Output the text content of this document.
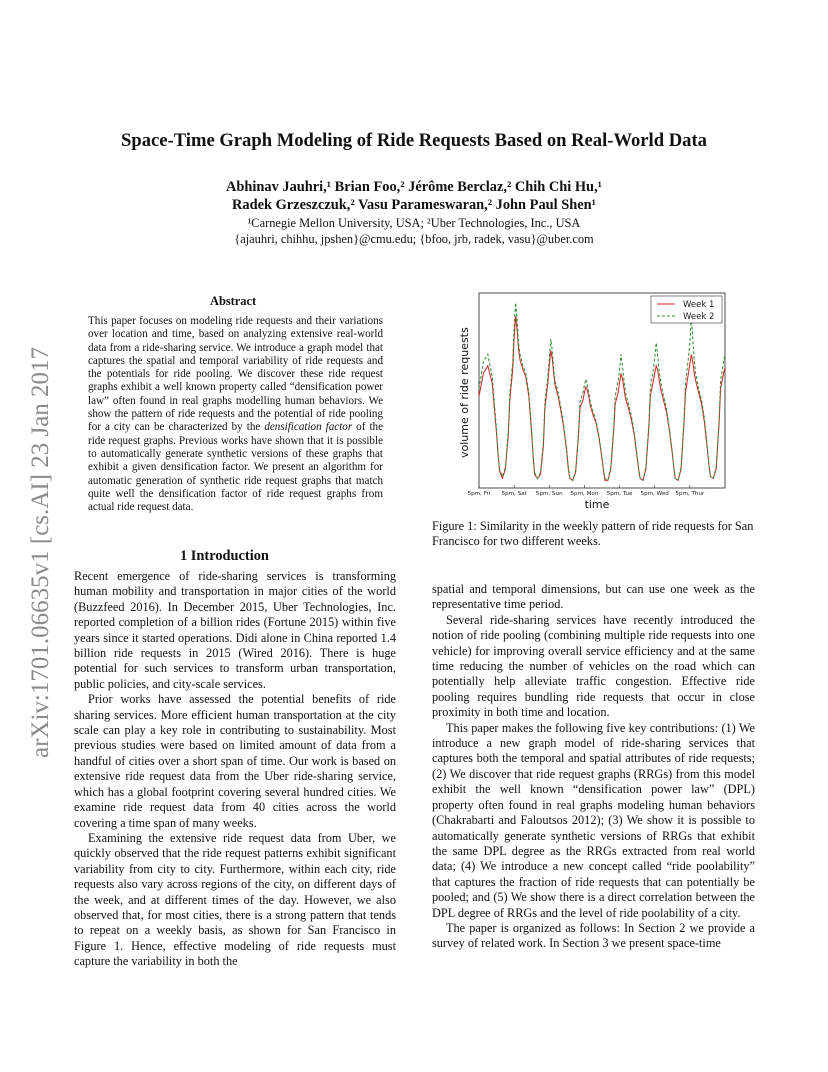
arXiv:1701.06635v1 [cs.AI] 23 Jan 2017
Space-Time Graph Modeling of Ride Requests Based on Real-World Data
Abhinav Jauhri,¹ Brian Foo,² Jérôme Berclaz,² Chih Chi Hu,¹
Radek Grzeszczuk,² Vasu Parameswaran,² John Paul Shen¹
¹Carnegie Mellon University, USA; ²Uber Technologies, Inc., USA
{ajauhri, chihhu, jpshen}@cmu.edu; {bfoo, jrb, radek, vasu}@uber.com
Abstract

This paper focuses on modeling ride requests and their variations over location and time, based on analyzing extensive real-world data from a ride-sharing service. We introduce a graph model that captures the spatial and temporal variability of ride requests and the potentials for ride pooling. We discover these ride request graphs exhibit a well known property called “densification power law” often found in real graphs modelling human behaviors. We show the pattern of ride requests and the potential of ride pooling for a city can be characterized by the densification factor of the ride request graphs. Previous works have shown that it is possible to automatically generate synthetic versions of these graphs that exhibit a given densification factor. We present an algorithm for automatic generation of synthetic ride request graphs that match quite well the densification factor of ride request graphs from actual ride request data.

1 Introduction

Recent emergence of ride-sharing services is transforming human mobility and transportation in major cities of the world (Buzzfeed 2016). In December 2015, Uber Technologies, Inc. reported completion of a billion rides (Fortune 2015) within five years since it started operations. Didi alone in China reported 1.4 billion ride requests in 2015 (Wired 2016). There is huge potential for such services to transform urban transportation, public policies, and city-scale services.

Prior works have assessed the potential benefits of ride sharing services. More efficient human transportation at the city scale can play a key role in contributing to sustainability. Most previous studies were based on limited amount of data from a handful of cities over a short span of time. Our work is based on extensive ride request data from the Uber ride-sharing service, which has a global footprint covering several hundred cities. We examine ride request data from 40 cities across the world covering a time span of many weeks.

Examining the extensive ride request data from Uber, we quickly observed that the ride request patterns exhibit significant variability from city to city. Furthermore, within each city, ride requests also vary across regions of the city, on different days of the week, and at different times of the day. However, we also observed that, for most cities, there is a strong pattern that tends to repeat on a weekly basis, as shown for San Francisco in Figure 1. Hence, effective modeling of ride requests must capture the variability in both the

5pm, Fri 5pm, Sat 5pm, Sun 5pm, Mon 5pm, Tue 5pm, Wed 5pm, Thur
Week 1
Week 2
volume of ride requests
time
Figure 1: Similarity in the weekly pattern of ride requests for San Francisco for two different weeks.

spatial and temporal dimensions, but can use one week as the representative time period.

Several ride-sharing services have recently introduced the notion of ride pooling (combining multiple ride requests into one vehicle) for improving overall service efficiency and at the same time reducing the number of vehicles on the road which can potentially help alleviate traffic congestion. Effective ride pooling requires bundling ride requests that occur in close proximity in both time and location.

This paper makes the following five key contributions: (1) We introduce a new graph model of ride-sharing services that captures both the temporal and spatial attributes of ride requests; (2) We discover that ride request graphs (RRGs) from this model exhibit the well known “densification power law” (DPL) property often found in real graphs modeling human behaviors (Chakrabarti and Faloutsos 2012); (3) We show it is possible to automatically generate synthetic versions of RRGs that exhibit the same DPL degree as the RRGs extracted from real world data; (4) We introduce a new concept called “ride poolability” that captures the fraction of ride requests that can potentially be pooled; and (5) We show there is a direct correlation between the DPL degree of RRGs and the level of ride poolability of a city.

The paper is organized as follows: In Section 2 we provide a survey of related work. In Section 3 we present space-time
